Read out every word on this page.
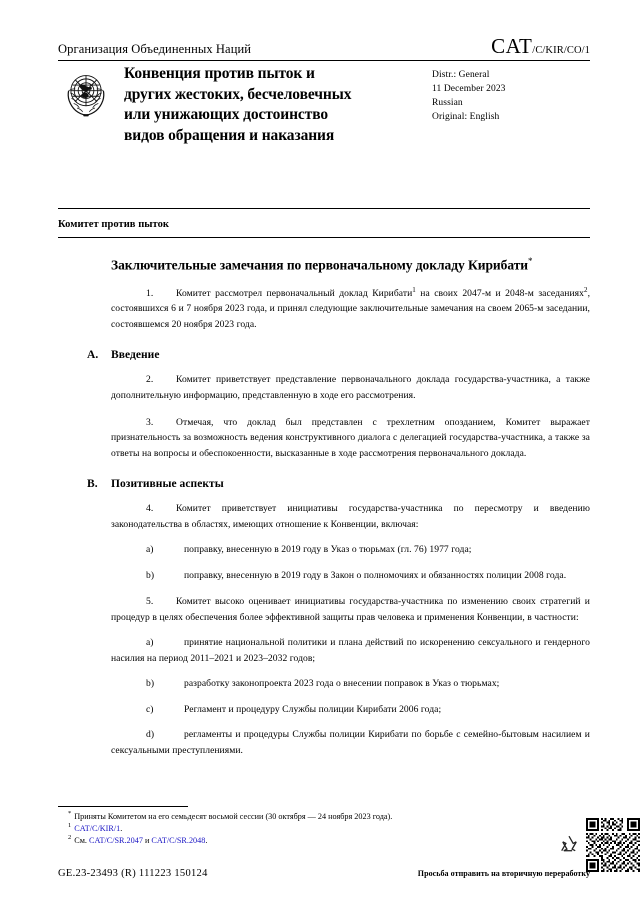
Организация Объединенных Наций	CAT/C/KIR/CO/1
Конвенция против пыток и
других жестоких, бесчеловечных
или унижающих достоинство
видов обращения и наказания
Distr.: General
11 December 2023
Russian
Original: English
Комитет против пыток
Заключительные замечания по первоначальному докладу Кирибати*

1. Комитет рассмотрел первоначальный доклад Кирибати$^1$ на своих 2047-м и 2048-м заседаниях$^2$, состоявшихся 6 и 7 ноября 2023 года, и принял следующие заключительные замечания на своем 2065-м заседании, состоявшемся 20 ноября 2023 года.

A.	Введение

2. Комитет приветствует представление первоначального доклада государства-участника, а также дополнительную информацию, представленную в ходе его рассмотрения.

3. Отмечая, что доклад был представлен с трехлетним опозданием, Комитет выражает признательность за возможность ведения конструктивного диалога с делегацией государства-участника, а также за ответы на вопросы и обеспокоенности, высказанные в ходе рассмотрения первоначального доклада.

B.	Позитивные аспекты

4. Комитет приветствует инициативы государства-участника по пересмотру и введению законодательства в областях, имеющих отношение к Конвенции, включая:

a)	поправку, внесенную в 2019 году в Указ о тюрьмах (гл. 76) 1977 года;

b)	поправку, внесенную в 2019 году в Закон о полномочиях и обязанностях полиции 2008 года.

5. Комитет высоко оценивает инициативы государства-участника по изменению своих стратегий и процедур в целях обеспечения более эффективной защиты прав человека и применения Конвенции, в частности:

a)	принятие национальной политики и плана действий по искоренению сексуального и гендерного насилия на период 2011–2021 и 2023–2032 годов;

b)	разработку законопроекта 2023 года о внесении поправок в Указ о тюрьмах;

c)	Регламент и процедуру Службы полиции Кирибати 2006 года;

d)	регламенты и процедуры Службы полиции Кирибати по борьбе с семейно-бытовым насилием и сексуальными преступлениями.

* Приняты Комитетом на его семьдесят восьмой сессии (30 октября — 24 ноября 2023 года).

$^1$ CAT/C/KIR/1.

$^2$ См. CAT/C/SR.2047 и CAT/C/SR.2048.

GE.23-23493 (R) 111223 150124	Просьба отправить на вторичную переработку
